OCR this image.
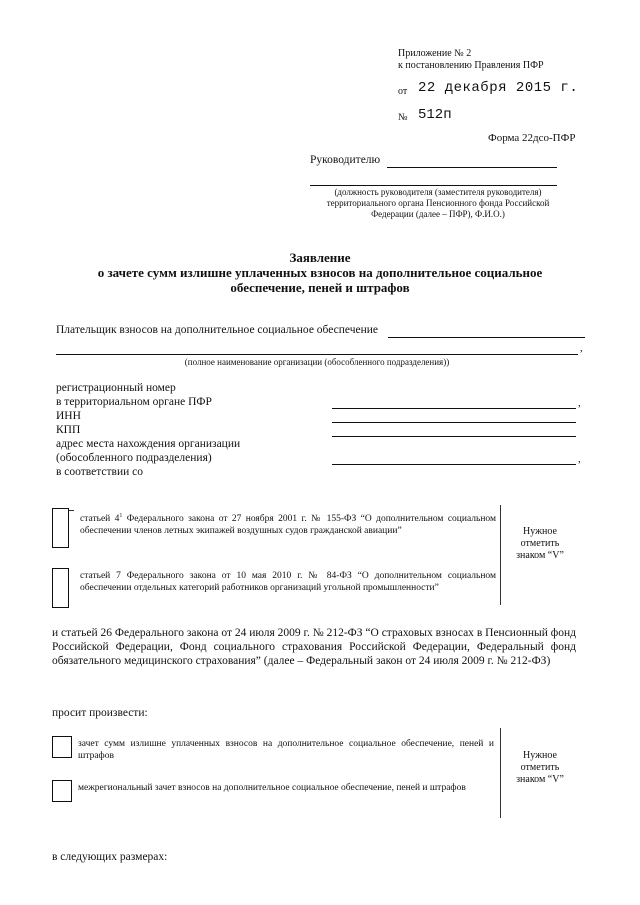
Приложение № 2
к постановлению Правления ПФР
от 22 декабря 2015 г.
№ 512п
Форма 22дсо-ПФР
Руководителю
(должность руководителя (заместителя руководителя) территориального органа Пенсионного фонда Российской Федерации (далее – ПФР), Ф.И.О.)
Заявление
о зачете сумм излишне уплаченных взносов на дополнительное социальное
обеспечение, пеней и штрафов
Плательщик взносов на дополнительное социальное обеспечение
,
(полное наименование организации (обособленного подразделения))
регистрационный номер
в территориальном органе ПФР
ИНН
КПП
адрес места нахождения организации
(обособленного подразделения)
в соответствии со
,
,
статьей $4^1$ Федерального закона от 27 ноября 2001 г. № 155-ФЗ “О дополнительном социальном обеспечении членов летных экипажей воздушных судов гражданской авиации”
статьей 7 Федерального закона от 10 мая 2010 г. № 84-ФЗ “О дополнительном социальном обеспечении отдельных категорий работников организаций угольной промышленности”
Нужное отметить знаком “V”
и статьей 26 Федерального закона от 24 июля 2009 г. № 212-ФЗ “О страховых взносах в Пенсионный фонд Российской Федерации, Фонд социального страхования Российской Федерации, Федеральный фонд обязательного медицинского страхования” (далее – Федеральный закон от 24 июля 2009 г. № 212-ФЗ)
просит произвести:
зачет сумм излишне уплаченных взносов на дополнительное социальное обеспечение, пеней и штрафов
межрегиональный зачет взносов на дополнительное социальное обеспечение, пеней и штрафов
Нужное отметить знаком “V”
в следующих размерах:
